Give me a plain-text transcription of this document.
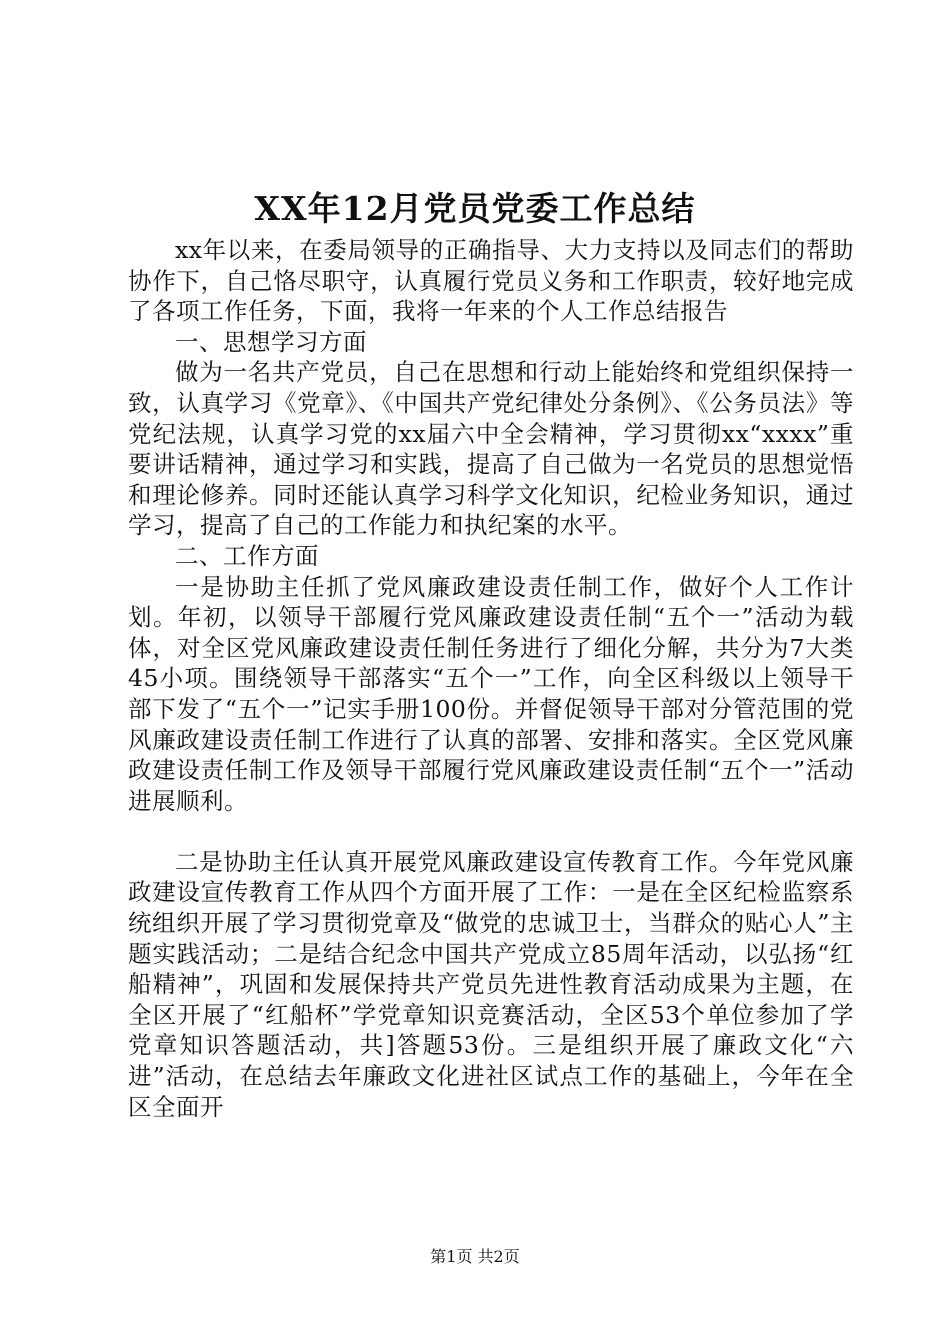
XX年12月党员党委工作总结

xx年以来，在委局领导的正确指导、大力支持以及同志们的帮助协作下，自己恪尽职守，认真履行党员义务和工作职责，较好地完成了各项工作任务，下面，我将一年来的个人工作总结报告

一、思想学习方面

做为一名共产党员，自己在思想和行动上能始终和党组织保持一致，认真学习《党章》、《中国共产党纪律处分条例》、《公务员法》等党纪法规，认真学习党的xx届六中全会精神，学习贯彻xx“xxxx”重要讲话精神，通过学习和实践，提高了自己做为一名党员的思想觉悟和理论修养。同时还能认真学习科学文化知识，纪检业务知识，通过学习，提高了自己的工作能力和执纪案的水平。

二、工作方面

一是协助主任抓了党风廉政建设责任制工作，做好个人工作计划。年初，以领导干部履行党风廉政建设责任制“五个一”活动为载体，对全区党风廉政建设责任制任务进行了细化分解，共分为7大类45小项。围绕领导干部落实“五个一”工作，向全区科级以上领导干部下发了“五个一”记实手册100份。并督促领导干部对分管范围的党风廉政建设责任制工作进行了认真的部署、安排和落实。全区党风廉政建设责任制工作及领导干部履行党风廉政建设责任制“五个一”活动进展顺利。

二是协助主任认真开展党风廉政建设宣传教育工作。今年党风廉政建设宣传教育工作从四个方面开展了工作：一是在全区纪检监察系统组织开展了学习贯彻党章及“做党的忠诚卫士，当群众的贴心人”主题实践活动；二是结合纪念中国共产党成立85周年活动，以弘扬“红船精神”，巩固和发展保持共产党员先进性教育活动成果为主题，在全区开展了“红船杯”学党章知识竞赛活动，全区53个单位参加了学党章知识答题活动，共]答题53份。三是组织开展了廉政文化“六进”活动，在总结去年廉政文化进社区试点工作的基础上，今年在全区全面开

第1页 共2页
